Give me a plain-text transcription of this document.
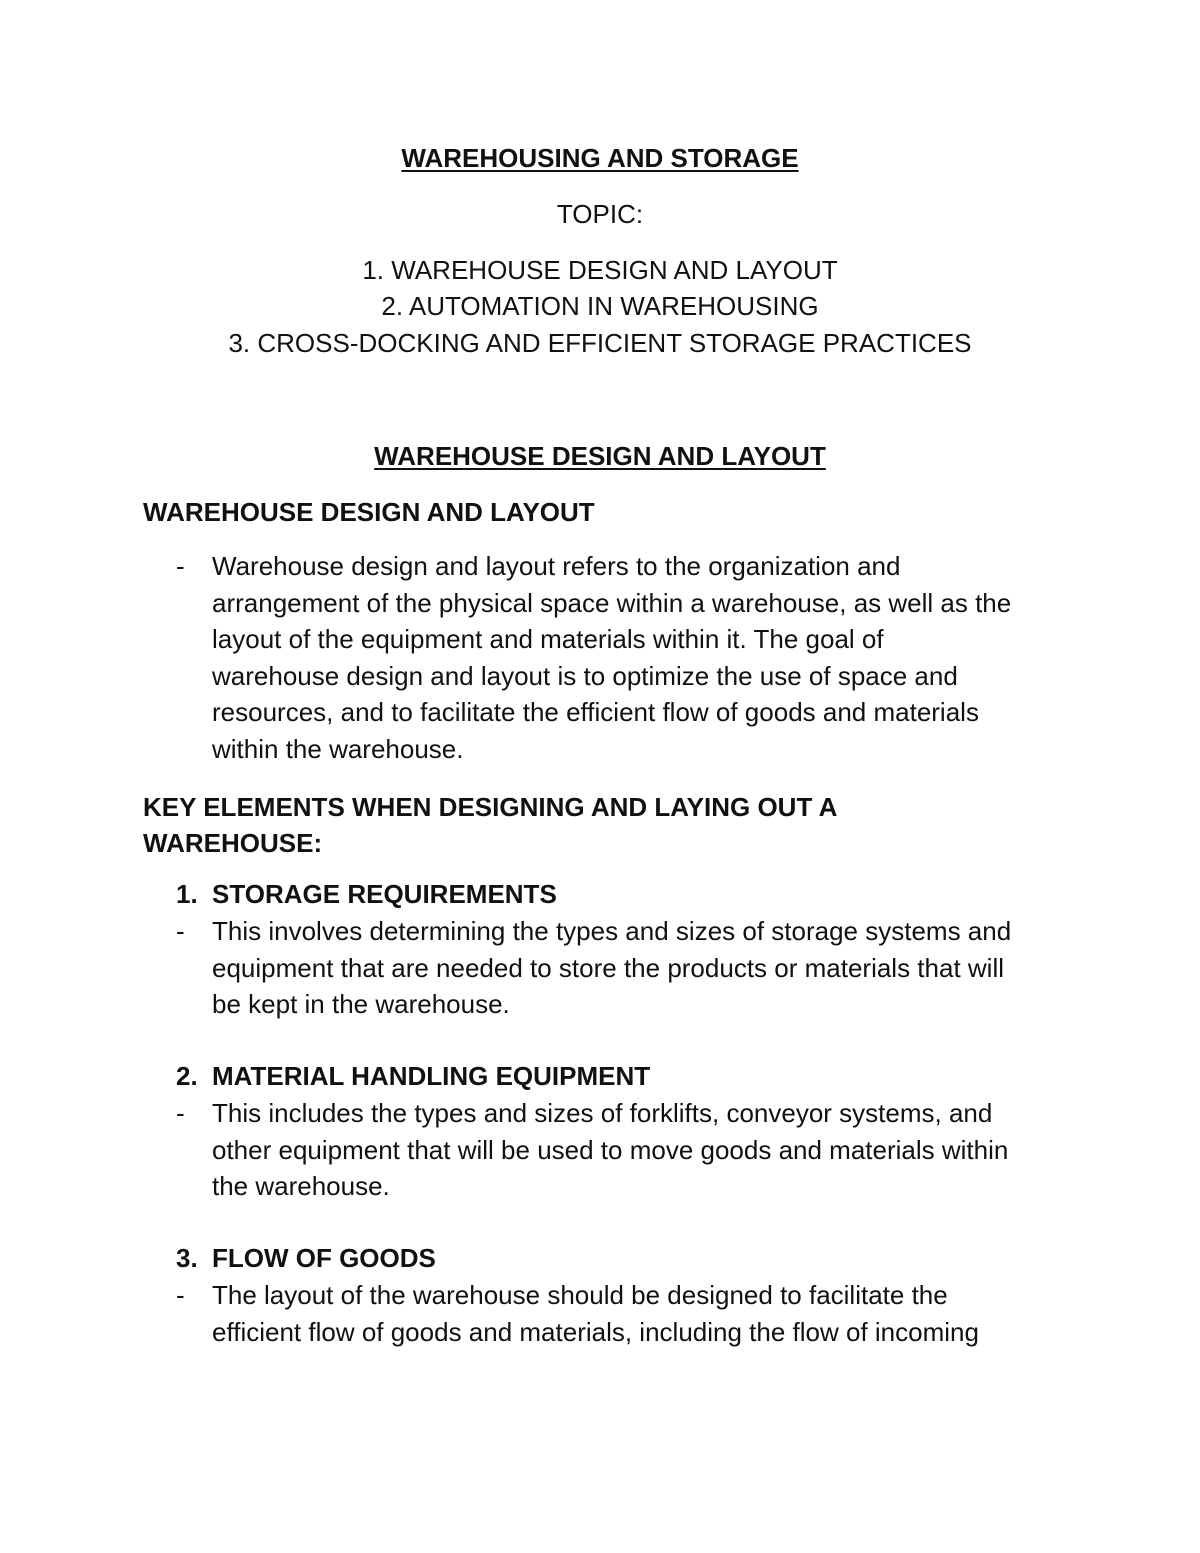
WAREHOUSING AND STORAGE
TOPIC:
1. WAREHOUSE DESIGN AND LAYOUT
2. AUTOMATION IN WAREHOUSING
3. CROSS-DOCKING AND EFFICIENT STORAGE PRACTICES
WAREHOUSE DESIGN AND LAYOUT
WAREHOUSE DESIGN AND LAYOUT
- Warehouse design and layout refers to the organization and

arrangement of the physical space within a warehouse, as well as the

layout of the equipment and materials within it. The goal of

warehouse design and layout is to optimize the use of space and

resources, and to facilitate the efficient flow of goods and materials

within the warehouse.

KEY ELEMENTS WHEN DESIGNING AND LAYING OUT A
WAREHOUSE:
1. STORAGE REQUIREMENTS
- This involves determining the types and sizes of storage systems and

equipment that are needed to store the products or materials that will

be kept in the warehouse.

2. MATERIAL HANDLING EQUIPMENT
- This includes the types and sizes of forklifts, conveyor systems, and

other equipment that will be used to move goods and materials within

the warehouse.

3. FLOW OF GOODS
- The layout of the warehouse should be designed to facilitate the

efficient flow of goods and materials, including the flow of incoming
